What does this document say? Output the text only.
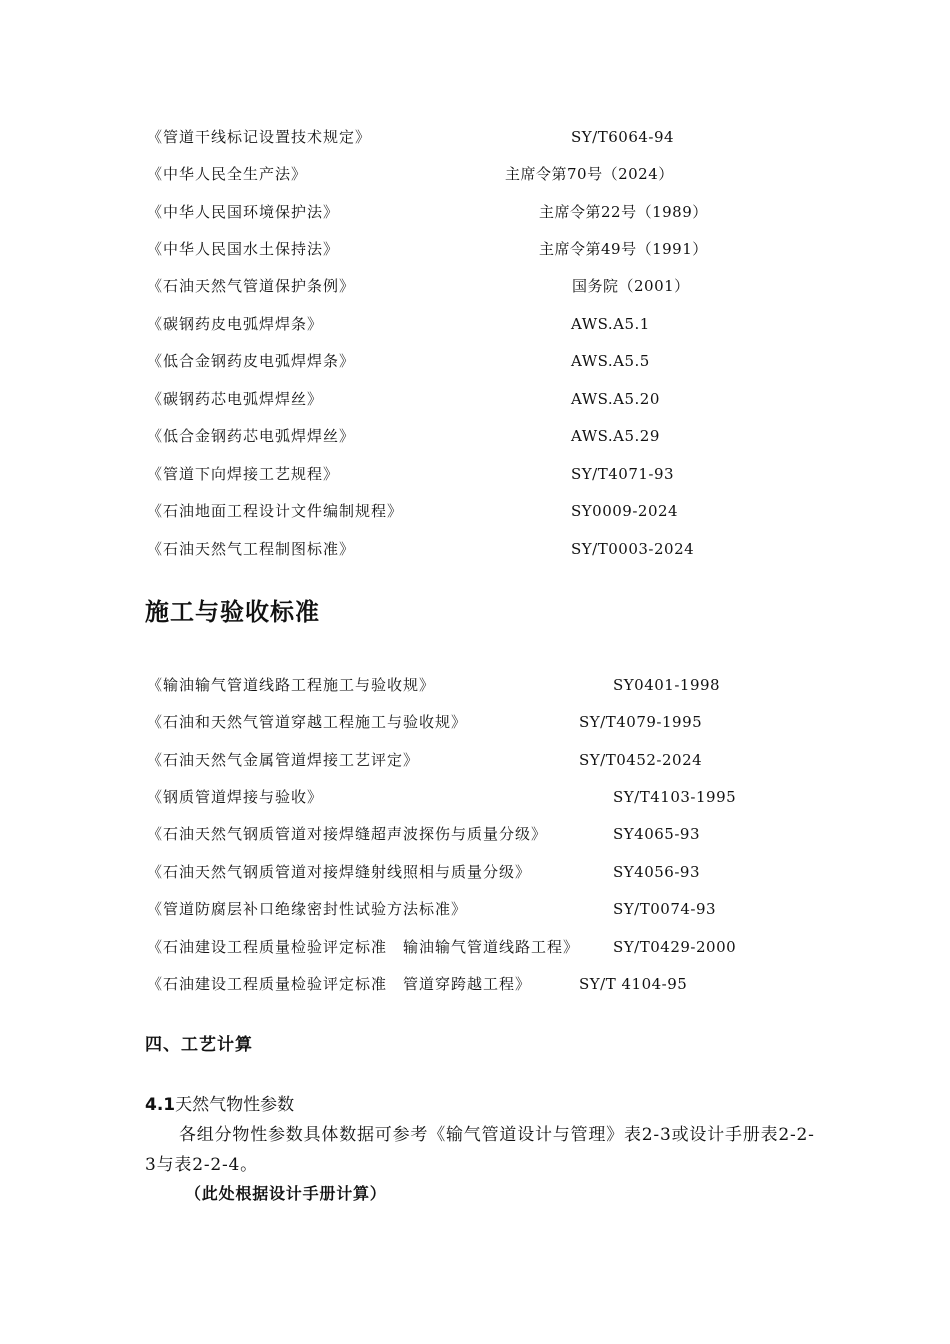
《管道干线标记设置技术规定》	SY/T6064-94
《中华人民全生产法》	主席令第70号（2024）
《中华人民国环境保护法》	主席令第22号（1989）
《中华人民国水土保持法》	主席令第49号（1991）
《石油天然气管道保护条例》	国务院（2001）
《碳钢药皮电弧焊焊条》	AWS.A5.1
《低合金钢药皮电弧焊焊条》	AWS.A5.5
《碳钢药芯电弧焊焊丝》	AWS.A5.20
《低合金钢药芯电弧焊焊丝》	AWS.A5.29
《管道下向焊接工艺规程》	SY/T4071-93
《石油地面工程设计文件编制规程》	SY0009-2024
《石油天然气工程制图标准》	SY/T0003-2024
施工与验收标准
《输油输气管道线路工程施工与验收规》	SY0401-1998
《石油和天然气管道穿越工程施工与验收规》	SY/T4079-1995
《石油天然气金属管道焊接工艺评定》	SY/T0452-2024
《钢质管道焊接与验收》	SY/T4103-1995
《石油天然气钢质管道对接焊缝超声波探伤与质量分级》	SY4065-93
《石油天然气钢质管道对接焊缝射线照相与质量分级》	SY4056-93
《管道防腐层补口绝缘密封性试验方法标准》	SY/T0074-93
《石油建设工程质量检验评定标准　输油输气管道线路工程》 SY/T0429-2000
《石油建设工程质量检验评定标准　管道穿跨越工程》	SY/T 4104-95
四、工艺计算
4.1天然气物性参数
各组分物性参数具体数据可参考《输气管道设计与管理》表2-3或设计手册表2-2-3与表2-2-4。
（此处根据设计手册计算）
